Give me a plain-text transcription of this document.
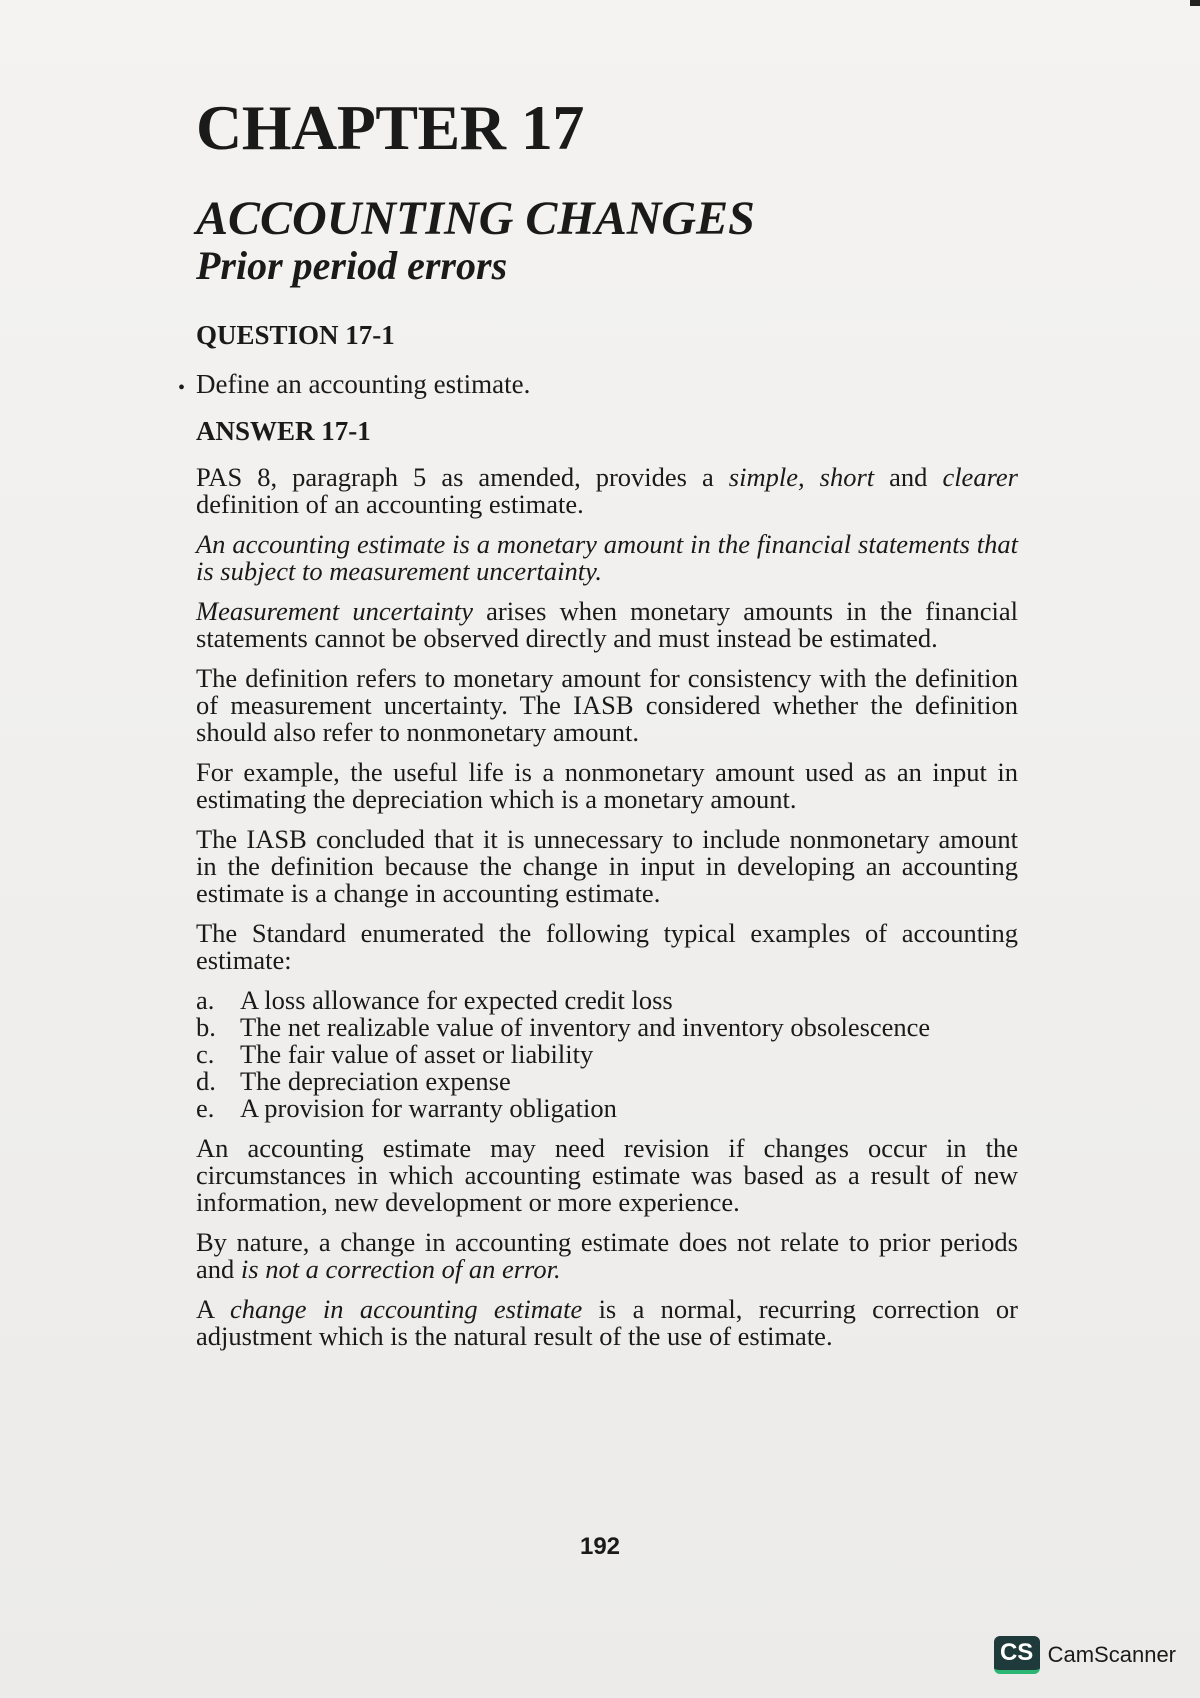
CHAPTER 17
ACCOUNTING CHANGES
Prior period errors
QUESTION 17-1
• Define an accounting estimate.
ANSWER 17-1

PAS 8, paragraph 5 as amended, provides a simple, short and clearer definition of an accounting estimate.

An accounting estimate is a monetary amount in the financial statements that is subject to measurement uncertainty.

Measurement uncertainty arises when monetary amounts in the financial statements cannot be observed directly and must instead be estimated.

The definition refers to monetary amount for consistency with the definition of measurement uncertainty. The IASB considered whether the definition should also refer to nonmonetary amount.

For example, the useful life is a nonmonetary amount used as an input in estimating the depreciation which is a monetary amount.

The IASB concluded that it is unnecessary to include nonmonetary amount in the definition because the change in input in developing an accounting estimate is a change in accounting estimate.

The Standard enumerated the following typical examples of accounting estimate:

a. A loss allowance for expected credit loss
b. The net realizable value of inventory and inventory obsolescence
c. The fair value of asset or liability
d. The depreciation expense
e. A provision for warranty obligation

An accounting estimate may need revision if changes occur in the circumstances in which accounting estimate was based as a result of new information, new development or more experience.

By nature, a change in accounting estimate does not relate to prior periods and is not a correction of an error.

A change in accounting estimate is a normal, recurring correction or adjustment which is the natural result of the use of estimate.

192
CS CamScanner
